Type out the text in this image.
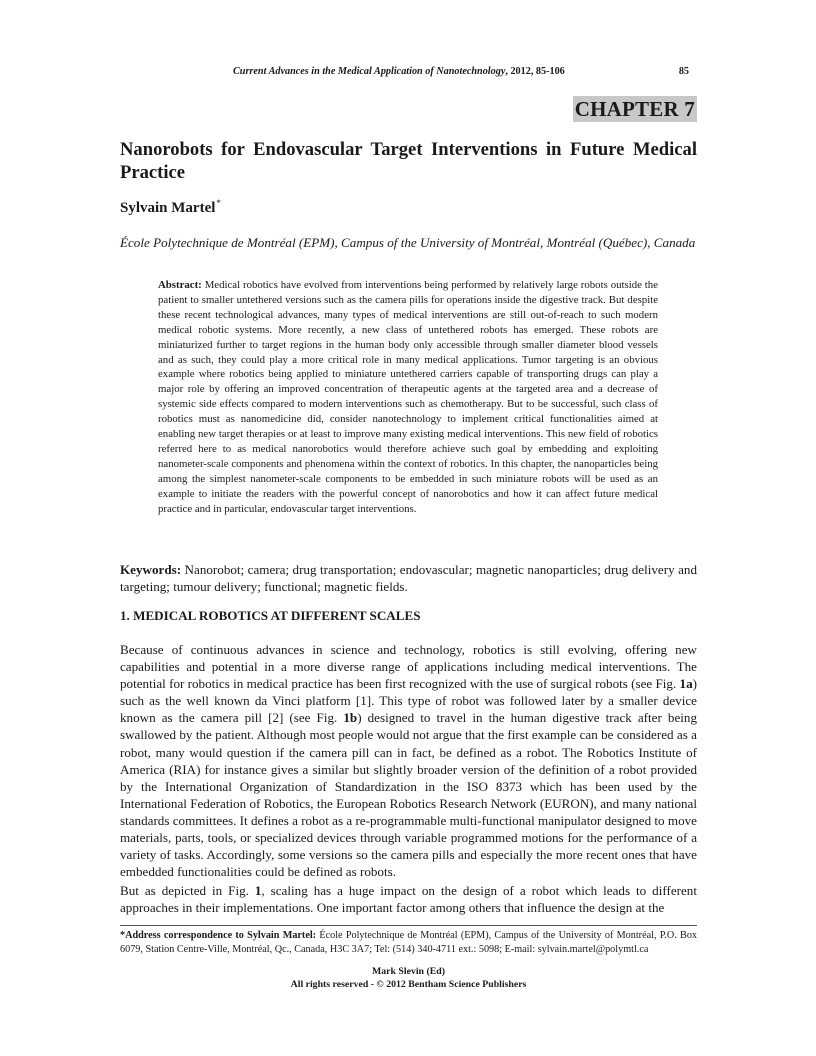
Current Advances in the Medical Application of Nanotechnology, 2012, 85-106	85
CHAPTER 7
Nanorobots for Endovascular Target Interventions in Future Medical Practice
Sylvain Martel*
École Polytechnique de Montréal (EPM), Campus of the University of Montréal, Montréal (Québec), Canada
Abstract: Medical robotics have evolved from interventions being performed by relatively large robots outside the patient to smaller untethered versions such as the camera pills for operations inside the digestive track. But despite these recent technological advances, many types of medical interventions are still out-of-reach to such modern medical robotic systems. More recently, a new class of untethered robots has emerged. These robots are miniaturized further to target regions in the human body only accessible through smaller diameter blood vessels and as such, they could play a more critical role in many medical applications. Tumor targeting is an obvious example where robotics being applied to miniature untethered carriers capable of transporting drugs can play a major role by offering an improved concentration of therapeutic agents at the targeted area and a decrease of systemic side effects compared to modern interventions such as chemotherapy. But to be successful, such class of robotics must as nanomedicine did, consider nanotechnology to implement critical functionalities aimed at enabling new target therapies or at least to improve many existing medical interventions. This new field of robotics referred here to as medical nanorobotics would therefore achieve such goal by embedding and exploiting nanometer-scale components and phenomena within the context of robotics. In this chapter, the nanoparticles being among the simplest nanometer-scale components to be embedded in such miniature robots will be used as an example to initiate the readers with the powerful concept of nanorobotics and how it can affect future medical practice and in particular, endovascular target interventions.
Keywords: Nanorobot; camera; drug transportation; endovascular; magnetic nanoparticles; drug delivery and targeting; tumour delivery; functional; magnetic fields.
1. MEDICAL ROBOTICS AT DIFFERENT SCALES
Because of continuous advances in science and technology, robotics is still evolving, offering new capabilities and potential in a more diverse range of applications including medical interventions. The potential for robotics in medical practice has been first recognized with the use of surgical robots (see Fig. 1a) such as the well known da Vinci platform [1]. This type of robot was followed later by a smaller device known as the camera pill [2] (see Fig. 1b) designed to travel in the human digestive track after being swallowed by the patient. Although most people would not argue that the first example can be considered as a robot, many would question if the camera pill can in fact, be defined as a robot. The Robotics Institute of America (RIA) for instance gives a similar but slightly broader version of the definition of a robot provided by the International Organization of Standardization in the ISO 8373 which has been used by the International Federation of Robotics, the European Robotics Research Network (EURON), and many national standards committees. It defines a robot as a re-programmable multi-functional manipulator designed to move materials, parts, tools, or specialized devices through variable programmed motions for the performance of a variety of tasks. Accordingly, some versions so the camera pills and especially the more recent ones that have embedded functionalities could be defined as robots.
But as depicted in Fig. 1, scaling has a huge impact on the design of a robot which leads to different approaches in their implementations. One important factor among others that influence the design at the
*Address correspondence to Sylvain Martel: École Polytechnique de Montréal (EPM), Campus of the University of Montréal, P.O. Box 6079, Station Centre-Ville, Montréal, Qc., Canada, H3C 3A7; Tel: (514) 340-4711 ext.: 5098; E-mail: sylvain.martel@polymtl.ca
Mark Slevin (Ed)
All rights reserved - © 2012 Bentham Science Publishers
